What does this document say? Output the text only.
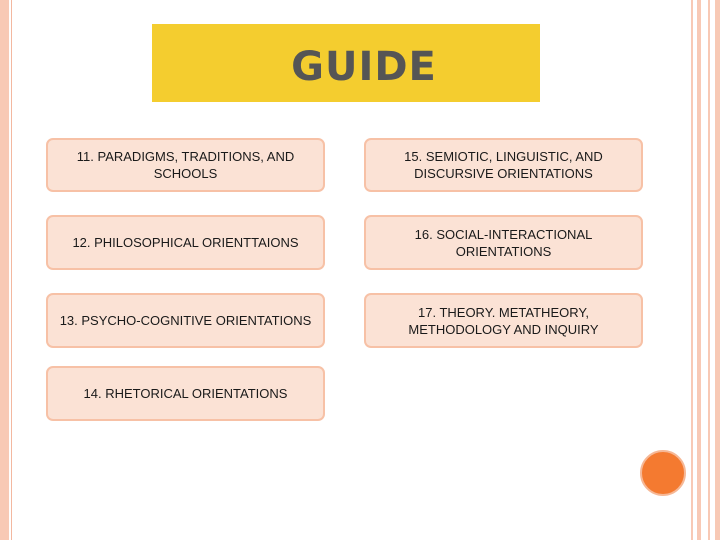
GUIDE
11. PARADIGMS, TRADITIONS, AND SCHOOLS
12. PHILOSOPHICAL ORIENTTAIONS
13. PSYCHO-COGNITIVE ORIENTATIONS
14. RHETORICAL ORIENTATIONS
15. SEMIOTIC, LINGUISTIC, AND DISCURSIVE ORIENTATIONS
16. SOCIAL-INTERACTIONAL ORIENTATIONS
17. THEORY. METATHEORY, METHODOLOGY AND INQUIRY
